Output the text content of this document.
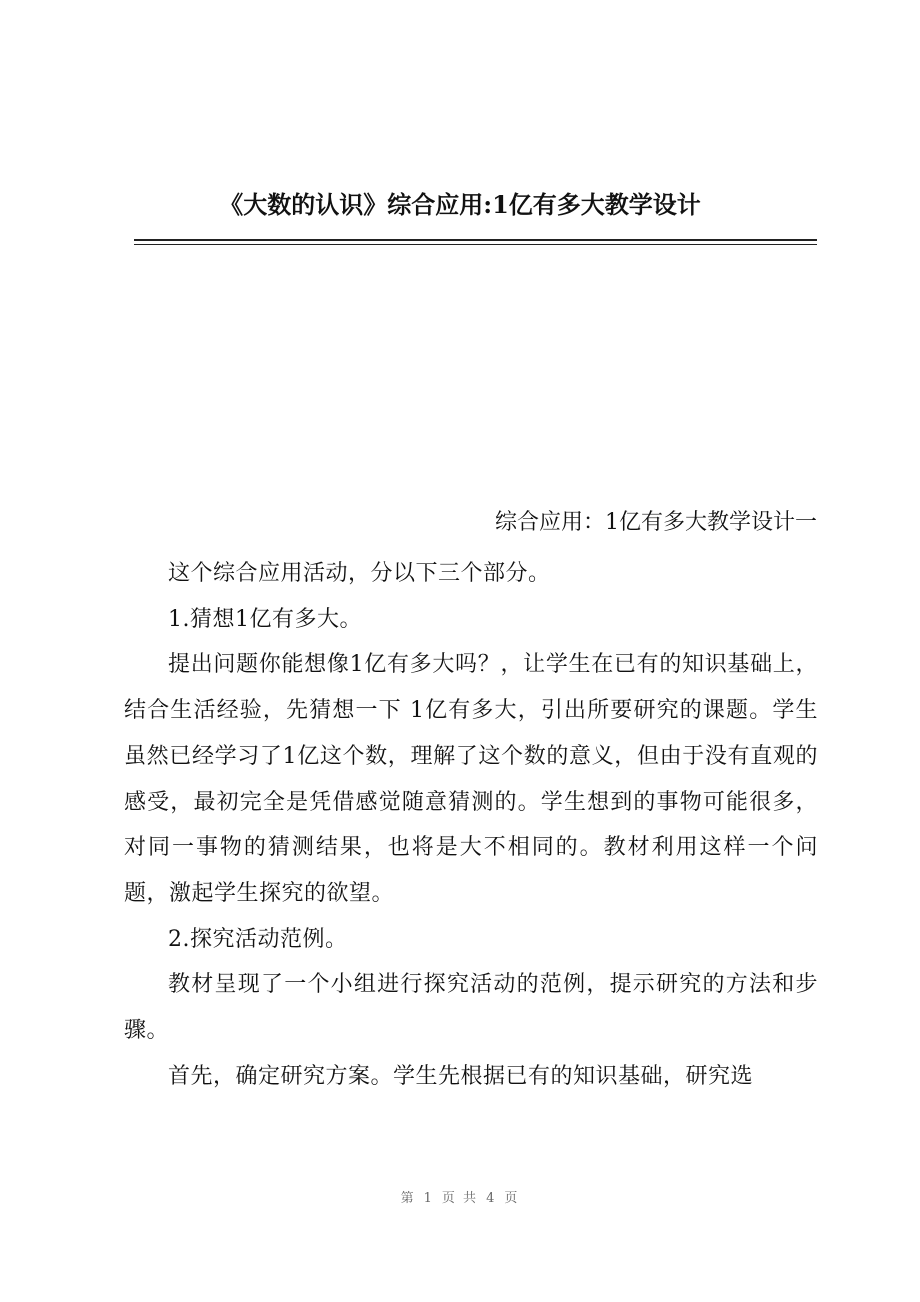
《大数的认识》综合应用:1亿有多大教学设计
综合应用：1亿有多大教学设计一

这个综合应用活动，分以下三个部分。

1.猜想1亿有多大。

提出问题你能想像1亿有多大吗？，让学生在已有的知识基础上，结合生活经验，先猜想一下 1亿有多大，引出所要研究的课题。学生虽然已经学习了1亿这个数，理解了这个数的意义，但由于没有直观的感受，最初完全是凭借感觉随意猜测的。学生想到的事物可能很多，对同一事物的猜测结果，也将是大不相同的。教材利用这样一个问题，激起学生探究的欲望。

2.探究活动范例。

教材呈现了一个小组进行探究活动的范例，提示研究的方法和步骤。

首先，确定研究方案。学生先根据已有的知识基础，研究选

第 1 页 共 4 页
